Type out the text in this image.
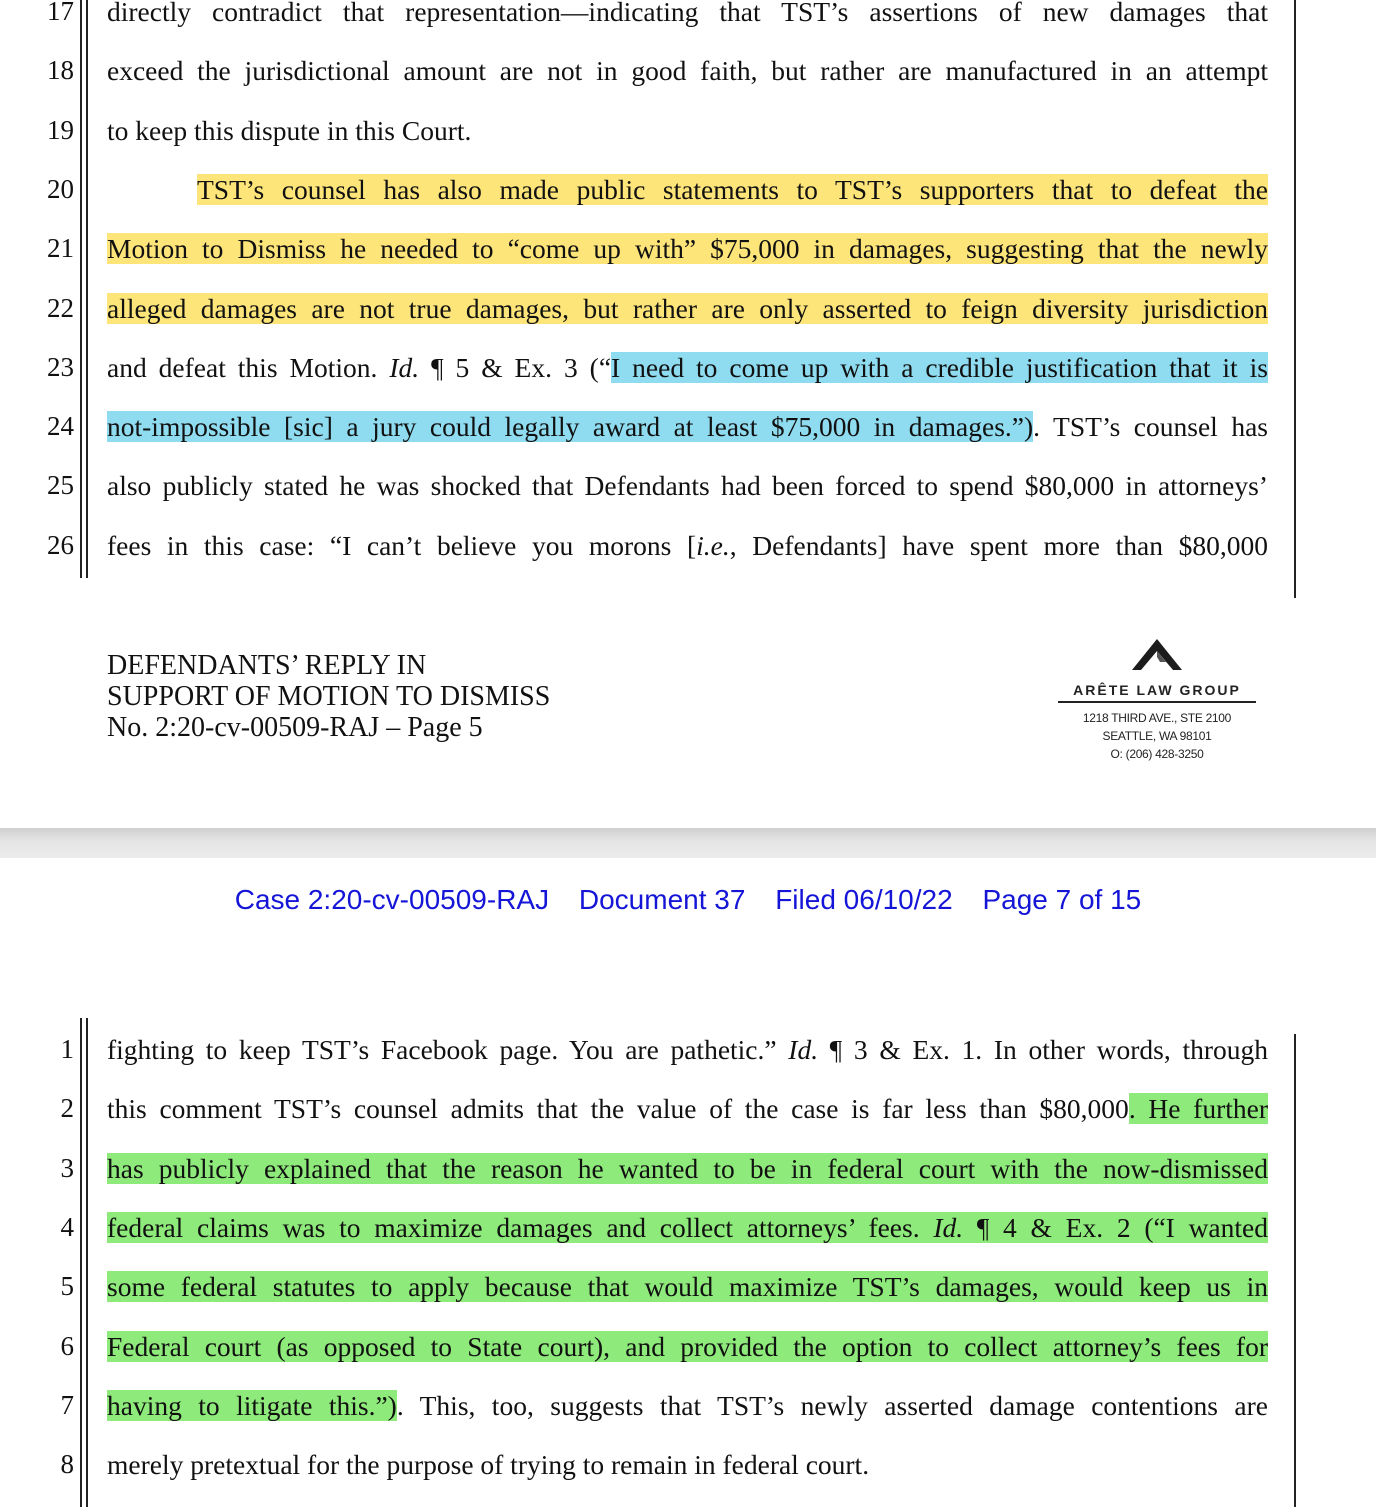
17 directly contradict that representation—indicating that TST’s assertions of new damages that
18 exceed the jurisdictional amount are not in good faith, but rather are manufactured in an attempt
19 to keep this dispute in this Court.
20	TST’s counsel has also made public statements to TST’s supporters that to defeat the
21 Motion to Dismiss he needed to “come up with” $75,000 in damages, suggesting that the newly
22 alleged damages are not true damages, but rather are only asserted to feign diversity jurisdiction
23 and defeat this Motion. Id. ¶ 5 & Ex. 3 (“I need to come up with a credible justification that it is
24 not-impossible [sic] a jury could legally award at least $75,000 in damages.”). TST’s counsel has
25 also publicly stated he was shocked that Defendants had been forced to spend $80,000 in attorneys’
26 fees in this case: “I can’t believe you morons [i.e., Defendants] have spent more than $80,000
DEFENDANTS’ REPLY IN
SUPPORT OF MOTION TO DISMISS
No. 2:20-cv-00509-RAJ – Page 5
ARÊTE LAW GROUP
1218 THIRD AVE., STE 2100
SEATTLE, WA 98101
O: (206) 428-3250
1 fighting to keep TST’s Facebook page. You are pathetic.” Id. ¶ 3 & Ex. 1. In other words, through
2 this comment TST’s counsel admits that the value of the case is far less than $80,000. He further
3 has publicly explained that the reason he wanted to be in federal court with the now-dismissed
4 federal claims was to maximize damages and collect attorneys’ fees. Id. ¶ 4 & Ex. 2 (“I wanted
5 some federal statutes to apply because that would maximize TST’s damages, would keep us in
6 Federal court (as opposed to State court), and provided the option to collect attorney’s fees for
7 having to litigate this.”). This, too, suggests that TST’s newly asserted damage contentions are
8 merely pretextual for the purpose of trying to remain in federal court.
Case 2:20-cv-00509-RAJ Document 37 Filed 06/10/22 Page 7 of 15
